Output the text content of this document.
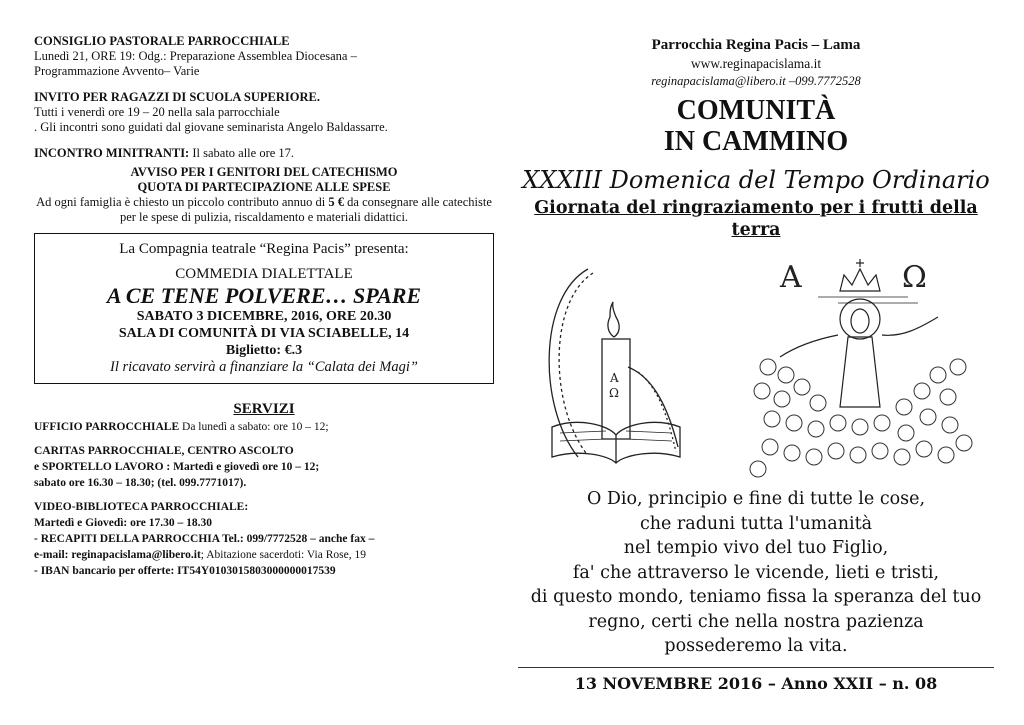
CONSIGLIO PASTORALE PARROCCHIALE
Lunedì 21, ORE 19: Odg.: Preparazione Assemblea Diocesana –
Programmazione Avvento– Varie
INVITO PER RAGAZZI DI SCUOLA SUPERIORE.
Tutti i venerdì ore 19 – 20 nella sala parrocchiale
. Gli incontri sono guidati dal giovane seminarista Angelo Baldassarre.
INCONTRO MINITRANTI: Il sabato alle ore 17.
AVVISO PER I GENITORI DEL CATECHISMO
QUOTA DI PARTECIPAZIONE ALLE SPESE
Ad ogni famiglia è chiesto un piccolo contributo annuo di 5 € da consegnare alle catechiste per le spese di pulizia, riscaldamento e materiali didattici.
La Compagnia teatrale “Regina Pacis” presenta:
COMMEDIA DIALETTALE
A CE TENE POLVERE… SPARE
SABATO 3 DICEMBRE, 2016, ORE 20.30
SALA DI COMUNITÀ DI VIA SCIABELLE, 14
Biglietto: €.3
Il ricavato servirà a finanziare la “Calata dei Magi”
SERVIZI
UFFICIO PARROCCHIALE Da lunedì a sabato: ore 10 – 12;
CARITAS PARROCCHIALE, CENTRO ASCOLTO
e SPORTELLO LAVORO : Martedì e giovedì ore 10 – 12;
sabato ore 16.30 – 18.30; (tel. 099.7771017).
VIDEO-BIBLIOTECA PARROCCHIALE:
Martedì e Giovedì: ore 17.30 – 18.30
- RECAPITI DELLA PARROCCHIA Tel.: 099/7772528 – anche fax –
e-mail: reginapacislama@libero.it; Abitazione sacerdoti: Via Rose, 19
- IBAN bancario per offerte: IT54Y0103015803000000017539
Parrocchia Regina Pacis – Lama
www.reginapacislama.it
reginapacislama@libero.it –099.7772528
COMUNITÀ
IN CAMMINO
XXXIII Domenica del Tempo Ordinario
Giornata del ringraziamento per i frutti della terra
A
Ω
Α	Ω
O Dio, principio e fine di tutte le cose,
che raduni tutta l'umanità
nel tempio vivo del tuo Figlio,
fa' che attraverso le vicende, lieti e tristi,
di questo mondo, teniamo fissa la speranza del tuo
regno, certi che nella nostra pazienza
possederemo la vita.
13 NOVEMBRE 2016 – Anno XXII – n. 08
